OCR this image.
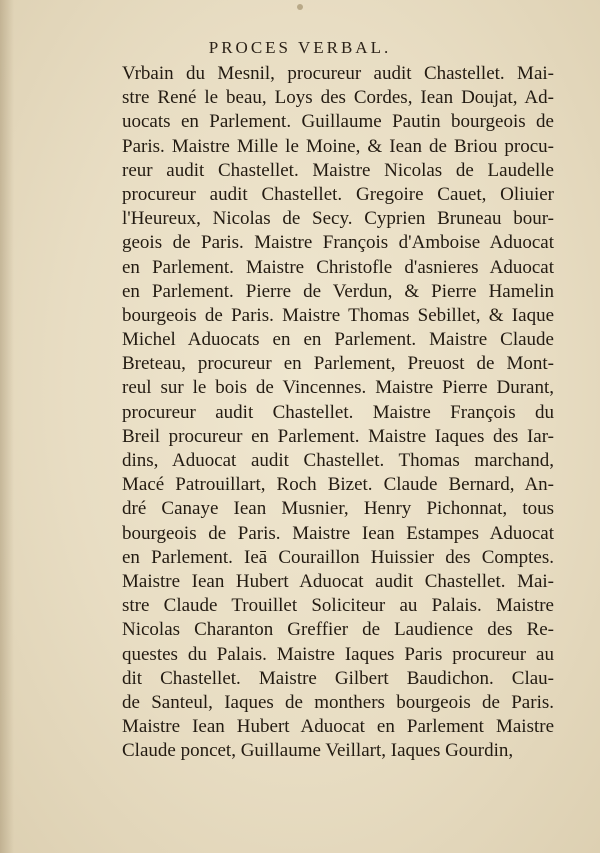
PROCES VERBAL.
Vrbain du Mesnil, procureur audit Chastellet. Mai-
stre René le beau, Loys des Cordes, Iean Doujat, Ad-
uocats en Parlement. Guillaume Pautin bourgeois de
Paris. Maistre Mille le Moine, & Iean de Briou procu-
reur audit Chastellet. Maistre Nicolas de Laudelle
procureur audit Chastellet. Gregoire Cauet, Oliuier
l'Heureux, Nicolas de Secy. Cyprien Bruneau bour-
geois de Paris. Maistre François d'Amboise Aduocat
en Parlement. Maistre Christofle d'asnieres Aduocat
en Parlement. Pierre de Verdun, & Pierre Hamelin
bourgeois de Paris. Maistre Thomas Sebillet, & Iaque
Michel Aduocats en en Parlement. Maistre Claude
Breteau, procureur en Parlement, Preuost de Mont-
reul sur le bois de Vincennes. Maistre Pierre Durant,
procureur audit Chastellet. Maistre François du
Breil procureur en Parlement. Maistre Iaques des Iar-
dins, Aduocat audit Chastellet. Thomas marchand,
Macé Patrouillart, Roch Bizet. Claude Bernard, An-
dré Canaye Iean Musnier, Henry Pichonnat, tous
bourgeois de Paris. Maistre Iean Estampes Aduocat
en Parlement. Ieā Couraillon Huissier des Comptes.
Maistre Iean Hubert Aduocat audit Chastellet. Mai-
stre Claude Trouillet Soliciteur au Palais. Maistre
Nicolas Charanton Greffier de Laudience des Re-
questes du Palais. Maistre Iaques Paris procureur au
dit Chastellet. Maistre Gilbert Baudichon. Clau-
de Santeul, Iaques de monthers bourgeois de Paris.
Maistre Iean Hubert Aduocat en Parlement Maistre
Claude poncet, Guillaume Veillart, Iaques Gourdin,
